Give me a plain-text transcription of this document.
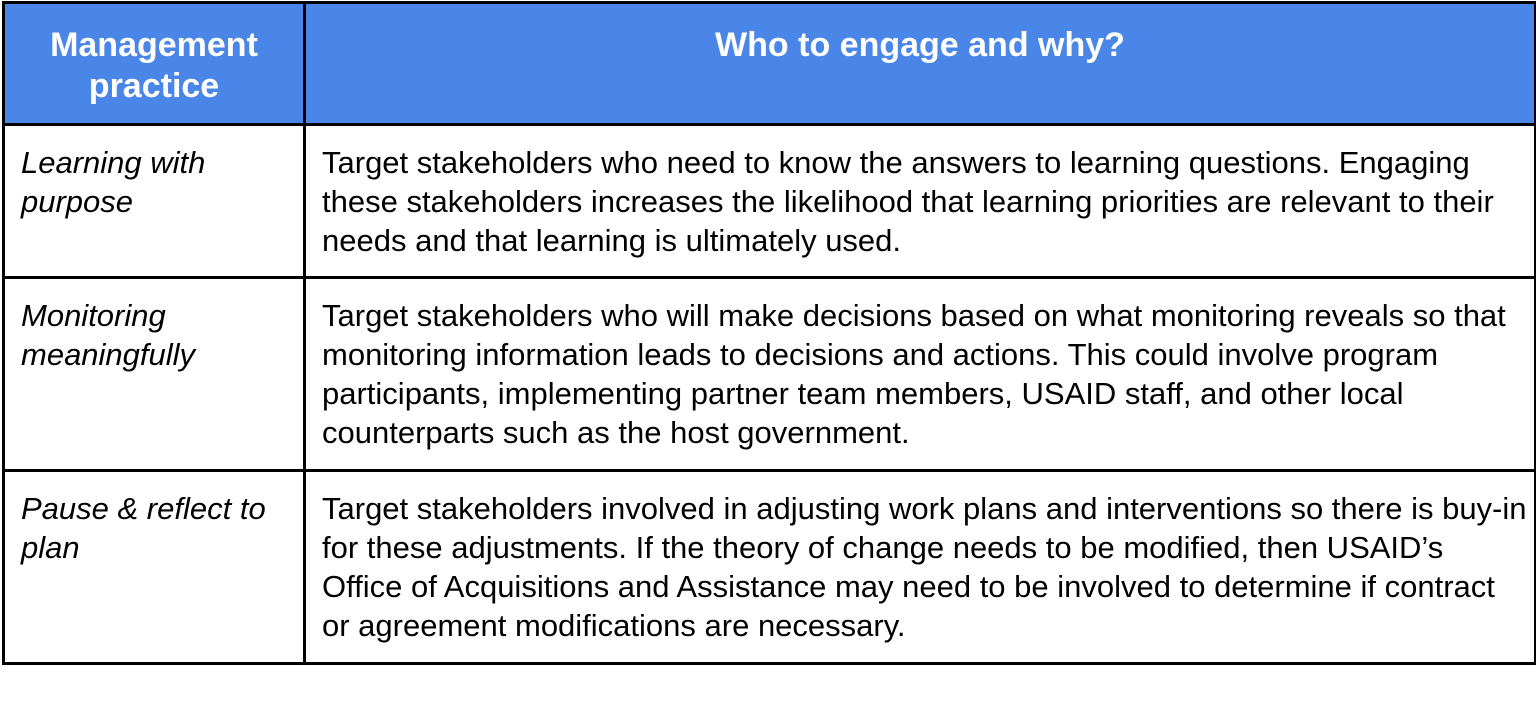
Management practice	Who to engage and why?

Learning with purpose	Target stakeholders who need to know the answers to learning questions. Engaging these stakeholders increases the likelihood that learning priorities are relevant to their needs and that learning is ultimately used.
Monitoring meaningfully	Target stakeholders who will make decisions based on what monitoring reveals so that monitoring information leads to decisions and actions. This could involve program participants, implementing partner team members, USAID staff, and other local counterparts such as the host government.
Pause & reflect to plan	Target stakeholders involved in adjusting work plans and interventions so there is buy-in for these adjustments. If the theory of change needs to be modified, then USAID’s Office of Acquisitions and Assistance may need to be involved to determine if contract or agreement modifications are necessary.
